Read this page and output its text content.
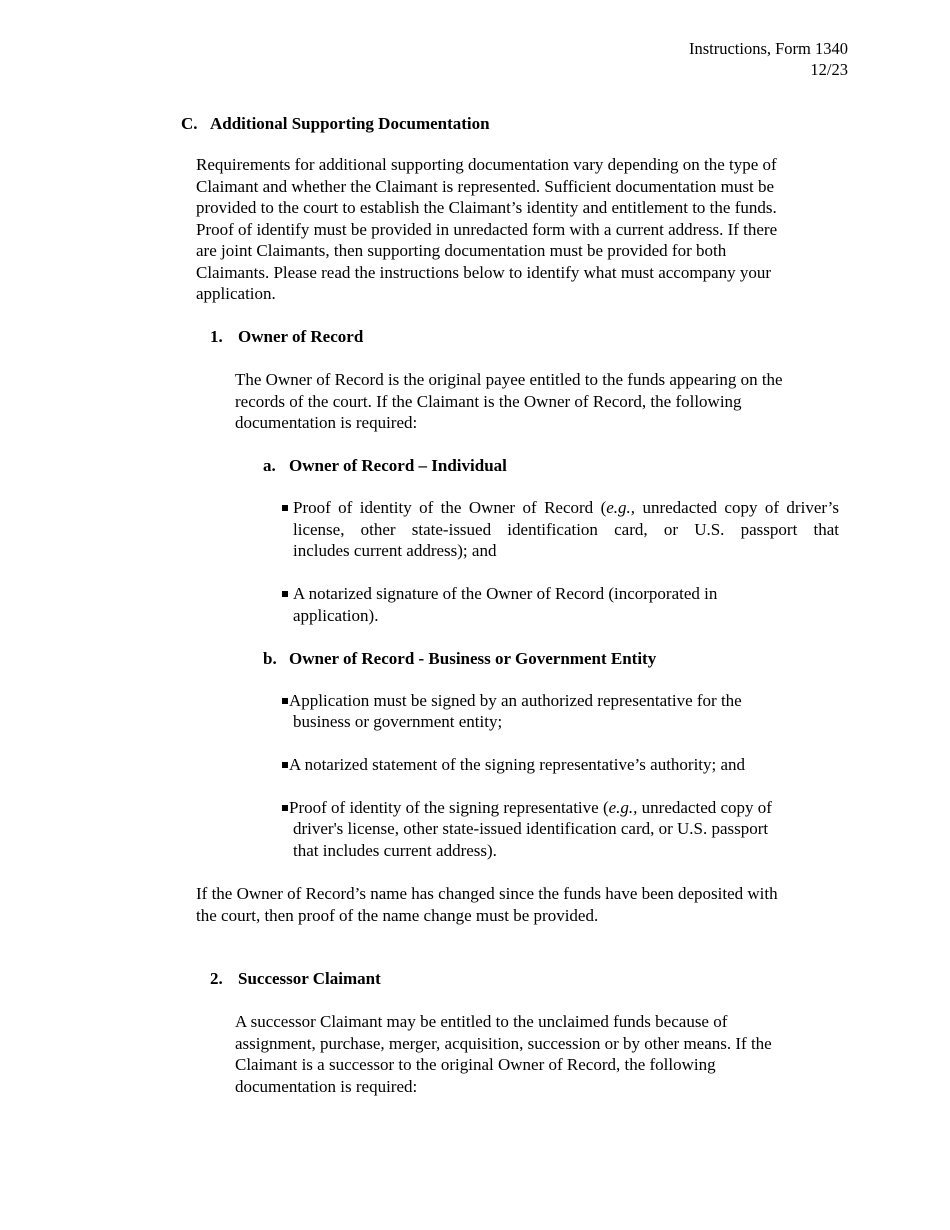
Instructions, Form 1340
12/23
C. Additional Supporting Documentation
Requirements for additional supporting documentation vary depending on the type of
Claimant and whether the Claimant is represented. Sufficient documentation must be
provided to the court to establish the Claimant’s identity and entitlement to the funds.
Proof of identify must be provided in unredacted form with a current address. If there
are joint Claimants, then supporting documentation must be provided for both
Claimants. Please read the instructions below to identify what must accompany your
application.
1. Owner of Record
The Owner of Record is the original payee entitled to the funds appearing on the
records of the court. If the Claimant is the Owner of Record, the following
documentation is required:
a. Owner of Record – Individual
Proof of identity of the Owner of Record (e.g., unredacted copy of driver’s
license, other state-issued identification card, or U.S. passport that
includes current address); and
A notarized signature of the Owner of Record (incorporated in
application).
b. Owner of Record - Business or Government Entity
Application must be signed by an authorized representative for the
business or government entity;
A notarized statement of the signing representative’s authority; and
Proof of identity of the signing representative (e.g., unredacted copy of
driver's license, other state-issued identification card, or U.S. passport
that includes current address).
If the Owner of Record’s name has changed since the funds have been deposited with
the court, then proof of the name change must be provided.
2. Successor Claimant
A successor Claimant may be entitled to the unclaimed funds because of
assignment, purchase, merger, acquisition, succession or by other means. If the
Claimant is a successor to the original Owner of Record, the following
documentation is required:
